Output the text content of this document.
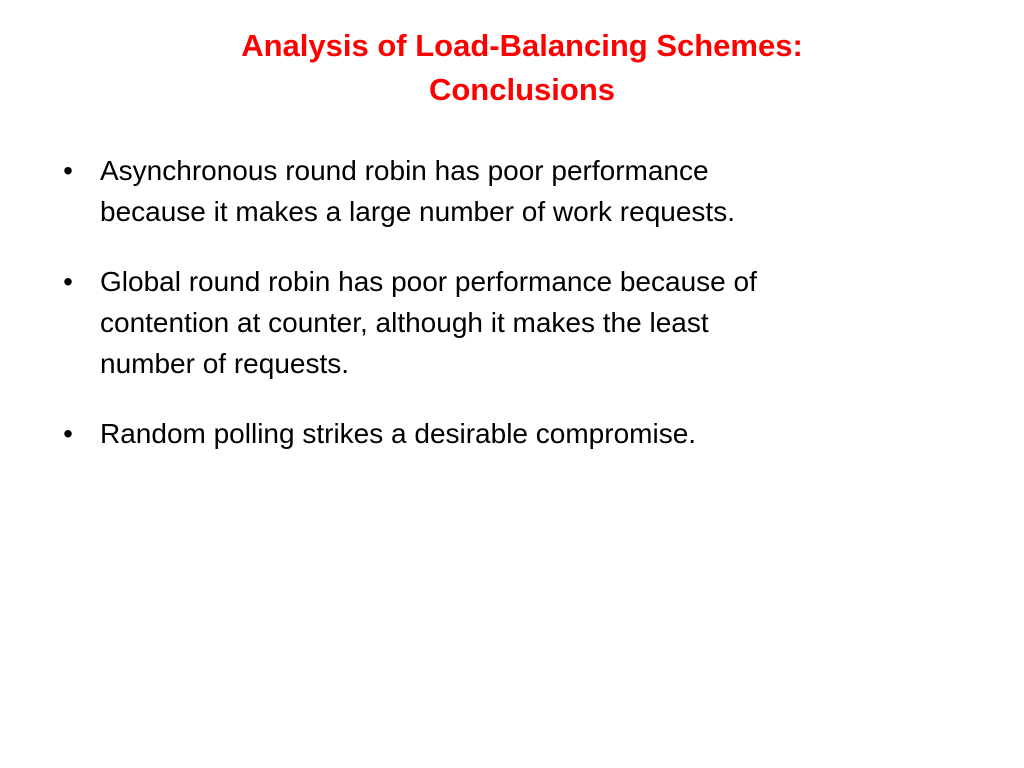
Analysis of Load-Balancing Schemes:
Conclusions
• Asynchronous round robin has poor performance
because it makes a large number of work requests.
• Global round robin has poor performance because of
contention at counter, although it makes the least
number of requests.
• Random polling strikes a desirable compromise.
